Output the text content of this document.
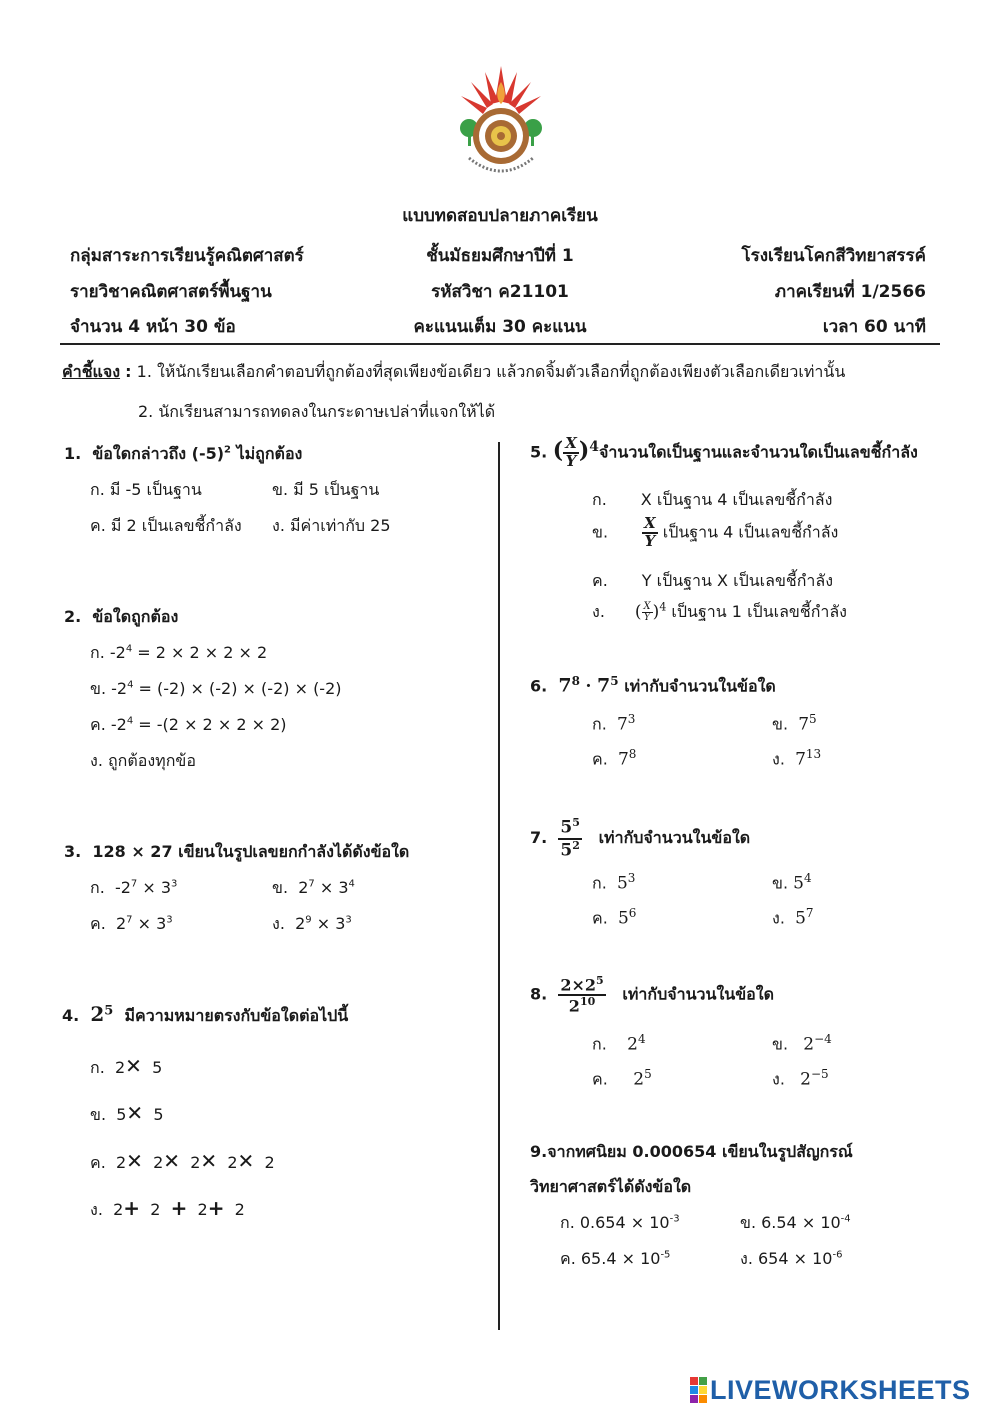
แบบทดสอบปลายภาคเรียน
กลุ่มสาระการเรียนรู้คณิตศาสตร์	ชั้นมัธยมศึกษาปีที่ 1	โรงเรียนโคกสีวิทยาสรรค์
รายวิชาคณิตศาสตร์พื้นฐาน	รหัสวิชา ค21101	ภาคเรียนที่ 1/2566
จำนวน 4 หน้า 30 ข้อ	คะแนนเต็ม 30 คะแนน	เวลา 60 นาที
คำชี้แจง : 1. ให้นักเรียนเลือกคำตอบที่ถูกต้องที่สุดเพียงข้อเดียว แล้วกดจิ้มตัวเลือกที่ถูกต้องเพียงตัวเลือกเดียวเท่านั้น
2. นักเรียนสามารถทดลงในกระดาษเปล่าที่แจกให้ได้
1. ข้อใดกล่าวถึง $(-5)^2$ ไม่ถูกต้อง
ก. มี -5 เป็นฐาน	ข. มี 5 เป็นฐาน
ค. มี 2 เป็นเลขชี้กำลัง ง. มีค่าเท่ากับ 25
2. ข้อใดถูกต้อง
ก. $-2^4 = 2 \times 2 \times 2 \times 2$
ข. $-2^4 = (-2) \times (-2) \times (-2) \times (-2)$
ค. $-2^4 = -(2 \times 2 \times 2 \times 2)$
ง. ถูกต้องทุกข้อ
3. 128 × 27 เขียนในรูปเลขยกกำลังได้ดังข้อใด
ก. $-2^7 \times 3^3$	ข. $2^7 \times 3^4$
ค. $2^7 \times 3^3$	ง. $2^9 \times 3^3$
4. $2^5$ มีความหมายตรงกับข้อใดต่อไปนี้
ก. 2✕ 5
ข. 5✕ 5
ค. 2✕ 2✕ 2✕ 2✕ 2
ง. 2+ 2 + 2+ 2
5. ( $\frac{X}{Y} )^4$จำนวนใดเป็นฐานและจำนวนใดเป็นเลขชี้กำลัง
ก. X เป็นฐาน 4 เป็นเลขชี้กำลัง
ข. $\frac{X}{Y}$ เป็นฐาน 4 เป็นเลขชี้กำลัง
ค. Y เป็นฐาน X เป็นเลขชี้กำลัง
ง. ( $\frac{X}{Y} )^4$ เป็นฐาน 1 เป็นเลขชี้กำลัง
6. $7^8 \cdot 7^5$ เท่ากับจำนวนในข้อใด
ก. $7^3$	ข. $7^5$
ค. $7^8$	ง. $7^{13}$
7. $\frac{5^5}{5^2}$ เท่ากับจำนวนในข้อใด
ก. $5^3$	ข. $5^4$
ค. $5^6$	ง. $5^7$
8. $\frac{2\times 2^5}{2^{10}}$ เท่ากับจำนวนในข้อใด
ก. $2^4$	ข. $2^{-4}$
ค. $2^5$	ง. $2^{-5}$
9.จากทศนิยม 0.000654 เขียนในรูปสัญกรณ์
วิทยาศาสตร์ได้ดังข้อใด
ก. $0.654 \times 10^{-3}$	ข. $6.54 \times 10^{-4}$
ค. $65.4 \times 10^{-5}$	ง. $654 \times 10^{-6}$
LIVEWORKSHEETS
